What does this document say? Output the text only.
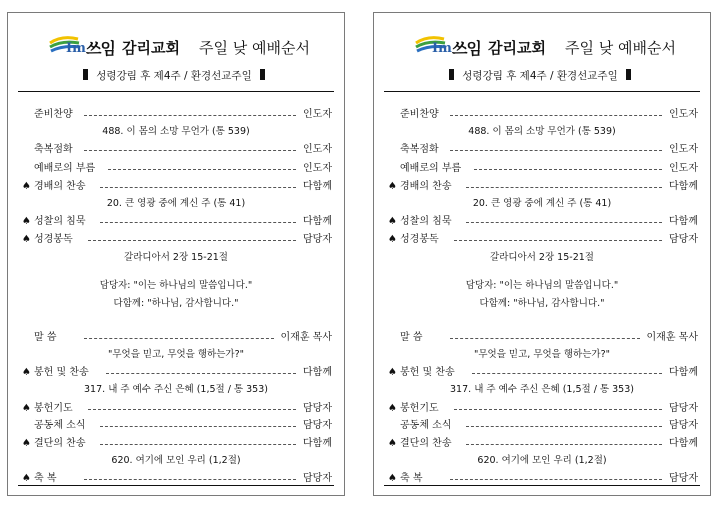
Im 쓰임 감리교회 주일 낮 예배순서
성령강림 후 제4주 / 환경선교주일
준비찬양	인도자
488. 이 몸의 소망 무언가 (통 539)
축복점화	인도자
예배로의 부름	인도자
♠ 경배의 찬송	다함께
20. 큰 영광 중에 계신 주 (통 41)
♠ 성찰의 침묵	다함께
♠ 성경봉독	담당자
갈라디아서 2장 15-21절
담당자: "이는 하나님의 말씀입니다."
다함께: "하나님, 감사합니다."
말 씀	이재훈 목사
"무엇을 믿고, 무엇을 행하는가?"
♠ 봉헌 및 찬송	다함께
317. 내 주 예수 주신 은혜 (1,5절 / 통 353)
♠ 봉헌기도	담당자
공동체 소식	담당자
♠ 결단의 찬송	다함께
620. 여기에 모인 우리 (1,2절)
♠ 축 복	담당자
Im 쓰임 감리교회 주일 낮 예배순서
성령강림 후 제4주 / 환경선교주일
준비찬양	인도자
488. 이 몸의 소망 무언가 (통 539)
축복점화	인도자
예배로의 부름	인도자
♠ 경배의 찬송	다함께
20. 큰 영광 중에 계신 주 (통 41)
♠ 성찰의 침묵	다함께
♠ 성경봉독	담당자
갈라디아서 2장 15-21절
담당자: "이는 하나님의 말씀입니다."
다함께: "하나님, 감사합니다."
말 씀	이재훈 목사
"무엇을 믿고, 무엇을 행하는가?"
♠ 봉헌 및 찬송	다함께
317. 내 주 예수 주신 은혜 (1,5절 / 통 353)
♠ 봉헌기도	담당자
공동체 소식	담당자
♠ 결단의 찬송	다함께
620. 여기에 모인 우리 (1,2절)
♠ 축 복	담당자
